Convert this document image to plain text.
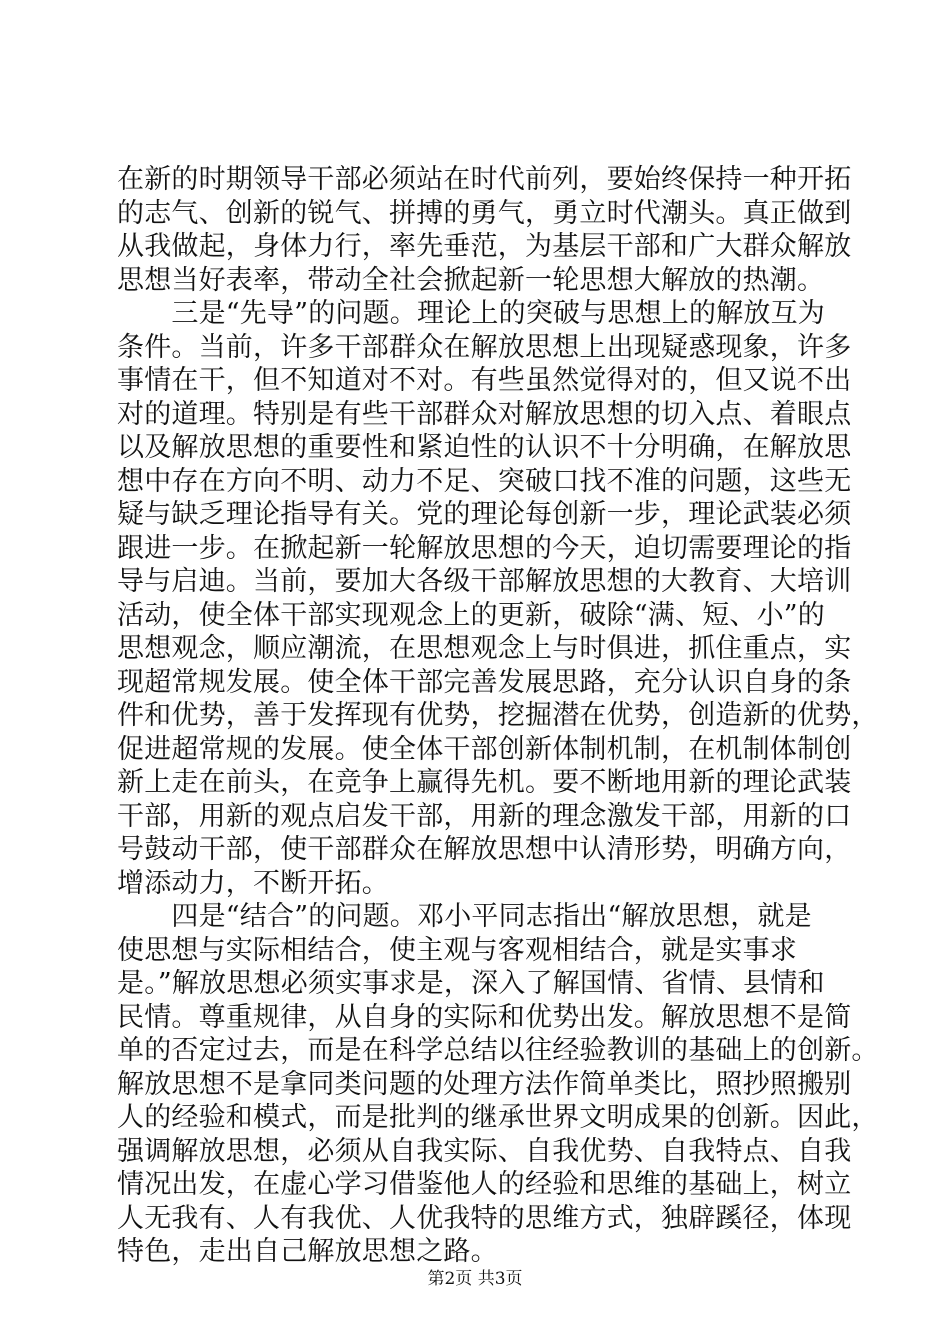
在新的时期领导干部必须站在时代前列，要始终保持一种开拓
的志气、创新的锐气、拼搏的勇气，勇立时代潮头。真正做到
从我做起，身体力行，率先垂范，为基层干部和广大群众解放
思想当好表率，带动全社会掀起新一轮思想大解放的热潮。
　　三是“先导”的问题。理论上的突破与思想上的解放互为
条件。当前，许多干部群众在解放思想上出现疑惑现象，许多
事情在干，但不知道对不对。有些虽然觉得对的，但又说不出
对的道理。特别是有些干部群众对解放思想的切入点、着眼点
以及解放思想的重要性和紧迫性的认识不十分明确，在解放思
想中存在方向不明、动力不足、突破口找不准的问题，这些无
疑与缺乏理论指导有关。党的理论每创新一步，理论武装必须
跟进一步。在掀起新一轮解放思想的今天，迫切需要理论的指
导与启迪。当前，要加大各级干部解放思想的大教育、大培训
活动，使全体干部实现观念上的更新，破除“满、短、小”的
思想观念，顺应潮流，在思想观念上与时俱进，抓住重点，实
现超常规发展。使全体干部完善发展思路，充分认识自身的条
件和优势，善于发挥现有优势，挖掘潜在优势，创造新的优势，
促进超常规的发展。使全体干部创新体制机制，在机制体制创
新上走在前头，在竞争上赢得先机。要不断地用新的理论武装
干部，用新的观点启发干部，用新的理念激发干部，用新的口
号鼓动干部，使干部群众在解放思想中认清形势，明确方向，
增添动力，不断开拓。
　　四是“结合”的问题。邓小平同志指出“解放思想，就是
使思想与实际相结合，使主观与客观相结合，就是实事求
是。”解放思想必须实事求是，深入了解国情、省情、县情和
民情。尊重规律，从自身的实际和优势出发。解放思想不是简
单的否定过去，而是在科学总结以往经验教训的基础上的创新。
解放思想不是拿同类问题的处理方法作简单类比，照抄照搬别
人的经验和模式，而是批判的继承世界文明成果的创新。因此，
强调解放思想，必须从自我实际、自我优势、自我特点、自我
情况出发，在虚心学习借鉴他人的经验和思维的基础上，树立
人无我有、人有我优、人优我特的思维方式，独辟蹊径，体现
特色，走出自己解放思想之路。
第2页 共3页
